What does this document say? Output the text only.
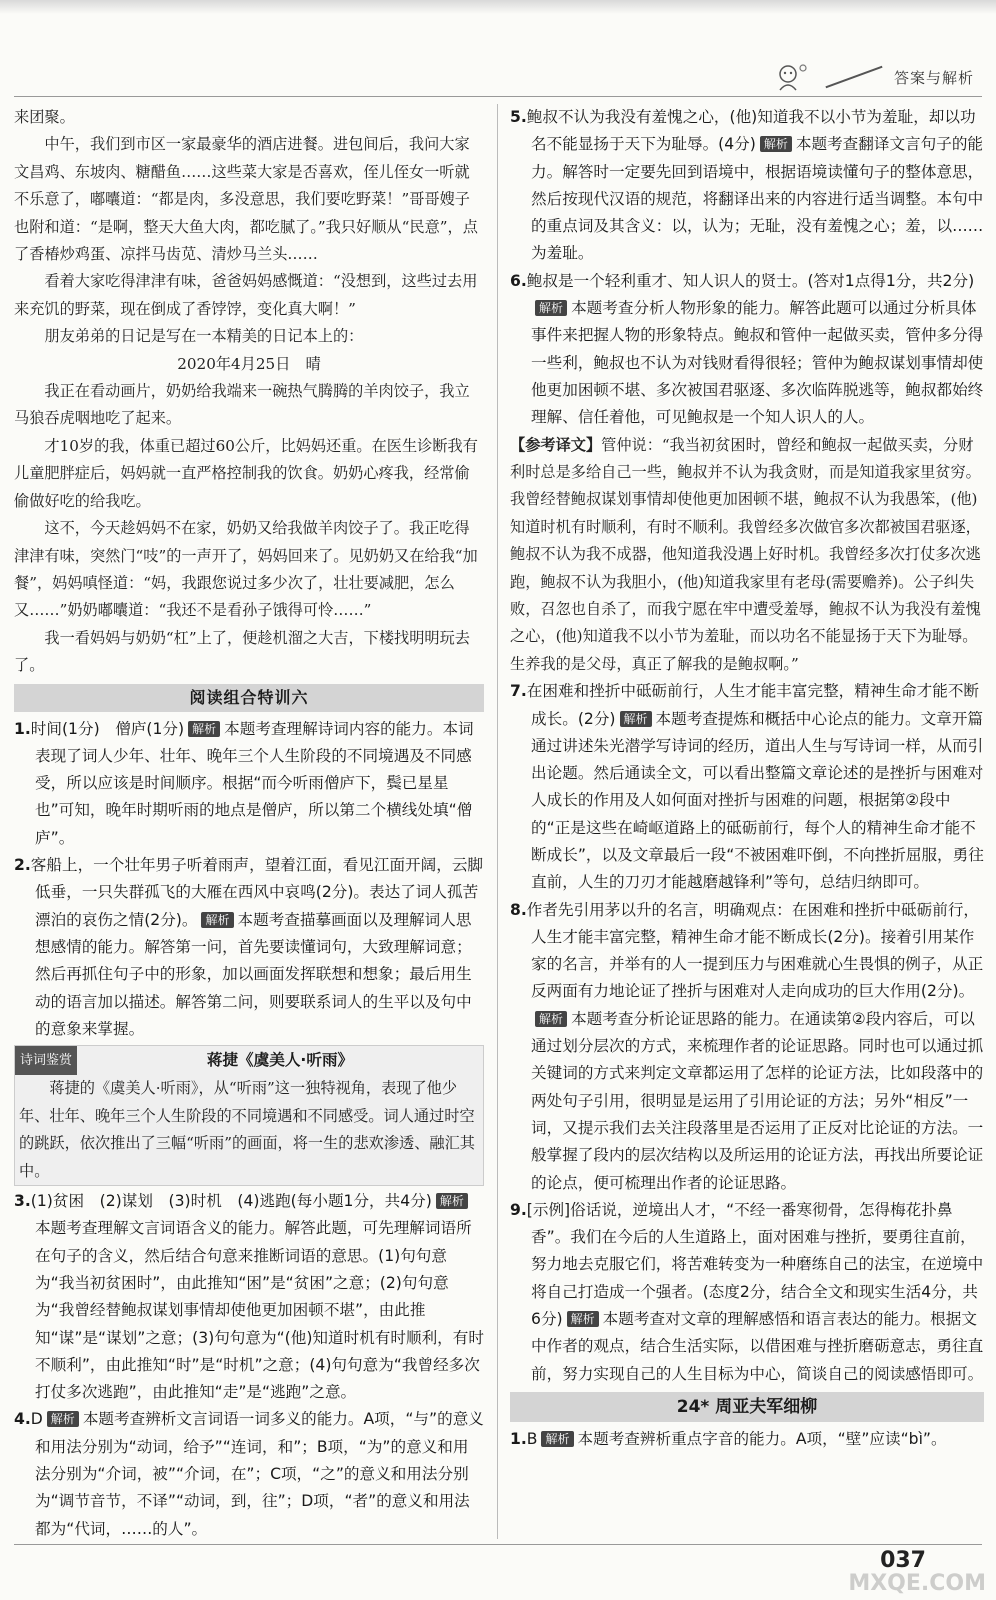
答案与解析

来团聚。

中午，我们到市区一家最豪华的酒店进餐。进包间后，我问大家文昌鸡、东坡肉、糖醋鱼……这些菜大家是否喜欢，侄儿侄女一听就不乐意了，嘟囔道：“都是肉，多没意思，我们要吃野菜！”哥哥嫂子也附和道：“是啊，整天大鱼大肉，都吃腻了。”我只好顺从“民意”，点了香椿炒鸡蛋、凉拌马齿苋、清炒马兰头……

看着大家吃得津津有味，爸爸妈妈感慨道：“没想到，这些过去用来充饥的野菜，现在倒成了香饽饽，变化真大啊！”

朋友弟弟的日记是写在一本精美的日记本上的：

2020年4月25日　晴

我正在看动画片，奶奶给我端来一碗热气腾腾的羊肉饺子，我立马狼吞虎咽地吃了起来。

才10岁的我，体重已超过60公斤，比妈妈还重。在医生诊断我有儿童肥胖症后，妈妈就一直严格控制我的饮食。奶奶心疼我，经常偷偷做好吃的给我吃。

这不，今天趁妈妈不在家，奶奶又给我做羊肉饺子了。我正吃得津津有味，突然门“吱”的一声开了，妈妈回来了。见奶奶又在给我“加餐”，妈妈嗔怪道：“妈，我跟您说过多少次了，壮壮要减肥，怎么又……”奶奶嘟囔道：“我还不是看孙子饿得可怜……”

我一看妈妈与奶奶“杠”上了，便趁机溜之大吉，下楼找明明玩去了。

阅读组合特训六

1.时间(1分)　僧庐(1分) 解析 本题考查理解诗词内容的能力。本词表现了词人少年、壮年、晚年三个人生阶段的不同境遇及不同感受，所以应该是时间顺序。根据“而今听雨僧庐下，鬓已星星也”可知，晚年时期听雨的地点是僧庐，所以第二个横线处填“僧庐”。

2.客船上，一个壮年男子听着雨声，望着江面，看见江面开阔，云脚低垂，一只失群孤飞的大雁在西风中哀鸣(2分)。表达了词人孤苦漂泊的哀伤之情(2分)。 解析 本题考查描摹画面以及理解词人思想感情的能力。解答第一问，首先要读懂词句，大致理解词意；然后再抓住句子中的形象，加以画面发挥联想和想象；最后用生动的语言加以描述。解答第二问，则要联系词人的生平以及句中的意象来掌握。

诗词鉴赏	蒋捷《虞美人·听雨》

蒋捷的《虞美人·听雨》，从“听雨”这一独特视角，表现了他少年、壮年、晚年三个人生阶段的不同境遇和不同感受。词人通过时空的跳跃，依次推出了三幅“听雨”的画面，将一生的悲欢渗透、融汇其中。

3.(1)贫困　(2)谋划　(3)时机　(4)逃跑(每小题1分，共4分) 解析本题考查理解文言词语含义的能力。解答此题，可先理解词语所在句子的含义，然后结合句意来推断词语的意思。(1)句句意为“我当初贫困时”，由此推知“困”是“贫困”之意；(2)句句意为“我曾经替鲍叔谋划事情却使他更加困顿不堪”，由此推知“谋”是“谋划”之意；(3)句句意为“(他)知道时机有时顺利，有时不顺利”，由此推知“时”是“时机”之意；(4)句句意为“我曾经多次打仗多次逃跑”，由此推知“走”是“逃跑”之意。

4.D 解析 本题考查辨析文言词语一词多义的能力。A项，“与”的意义和用法分别为“动词，给予”“连词，和”；B项，“为”的意义和用法分别为“介词，被”“介词，在”；C项，“之”的意义和用法分别为“调节音节，不译”“动词，到，往”；D项，“者”的意义和用法都为“代词，……的人”。

5.鲍叔不认为我没有羞愧之心，(他)知道我不以小节为羞耻，却以功名不能显扬于天下为耻辱。(4分) 解析 本题考查翻译文言句子的能力。解答时一定要先回到语境中，根据语境读懂句子的整体意思，然后按现代汉语的规范，将翻译出来的内容进行适当调整。本句中的重点词及其含义：以，认为；无耻，没有羞愧之心；羞，以……为羞耻。

6.鲍叔是一个轻利重才、知人识人的贤士。(答对1点得1分，共2分)解析 本题考查分析人物形象的能力。解答此题可以通过分析具体事件来把握人物的形象特点。鲍叔和管仲一起做买卖，管仲多分得一些利，鲍叔也不认为对钱财看得很轻；管仲为鲍叔谋划事情却使他更加困顿不堪、多次被国君驱逐、多次临阵脱逃等，鲍叔都始终理解、信任着他，可见鲍叔是一个知人识人的人。

【参考译文】管仲说：“我当初贫困时，曾经和鲍叔一起做买卖，分财利时总是多给自己一些，鲍叔并不认为我贪财，而是知道我家里贫穷。我曾经替鲍叔谋划事情却使他更加困顿不堪，鲍叔不认为我愚笨，(他)知道时机有时顺利，有时不顺利。我曾经多次做官多次都被国君驱逐，鲍叔不认为我不成器，他知道我没遇上好时机。我曾经多次打仗多次逃跑，鲍叔不认为我胆小，(他)知道我家里有老母(需要赡养)。公子纠失败，召忽也自杀了，而我宁愿在牢中遭受羞辱，鲍叔不认为我没有羞愧之心，(他)知道我不以小节为羞耻，而以功名不能显扬于天下为耻辱。生养我的是父母，真正了解我的是鲍叔啊。”

7.在困难和挫折中砥砺前行，人生才能丰富完整，精神生命才能不断成长。(2分) 解析 本题考查提炼和概括中心论点的能力。文章开篇通过讲述朱光潜学写诗词的经历，道出人生与写诗词一样，从而引出论题。然后通读全文，可以看出整篇文章论述的是挫折与困难对人成长的作用及人如何面对挫折与困难的问题，根据第②段中的“正是这些在崎岖道路上的砥砺前行，每个人的精神生命才能不断成长”，以及文章最后一段“不被困难吓倒，不向挫折屈服，勇往直前，人生的刀刃才能越磨越锋利”等句，总结归纳即可。

8.作者先引用茅以升的名言，明确观点：在困难和挫折中砥砺前行，人生才能丰富完整，精神生命才能不断成长(2分)。接着引用某作家的名言，并举有的人一提到压力与困难就心生畏惧的例子，从正反两面有力地论证了挫折与困难对人走向成功的巨大作用(2分)。解析 本题考查分析论证思路的能力。在通读第②段内容后，可以通过划分层次的方式，来梳理作者的论证思路。同时也可以通过抓关键词的方式来判定文章都运用了怎样的论证方法，比如段落中的两处句子引用，很明显是运用了引用论证的方法；另外“相反”一词，又提示我们去关注段落里是否运用了正反对比论证的方法。一般掌握了段内的层次结构以及所运用的论证方法，再找出所要论证的论点，便可梳理出作者的论证思路。

9.[示例]俗话说，逆境出人才，“不经一番寒彻骨，怎得梅花扑鼻香”。我们在今后的人生道路上，面对困难与挫折，要勇往直前，努力地去克服它们，将苦难转变为一种磨练自己的法宝，在逆境中将自己打造成一个强者。(态度2分，结合全文和现实生活4分，共6分) 解析 本题考查对文章的理解感悟和语言表达的能力。根据文中作者的观点，结合生活实际，以借困难与挫折磨砺意志，勇往直前，努力实现自己的人生目标为中心，简谈自己的阅读感悟即可。

24* 周亚夫军细柳

1.B 解析 本题考查辨析重点字音的能力。A项，“壁”应读“bì”。

037
MXQE.COM
